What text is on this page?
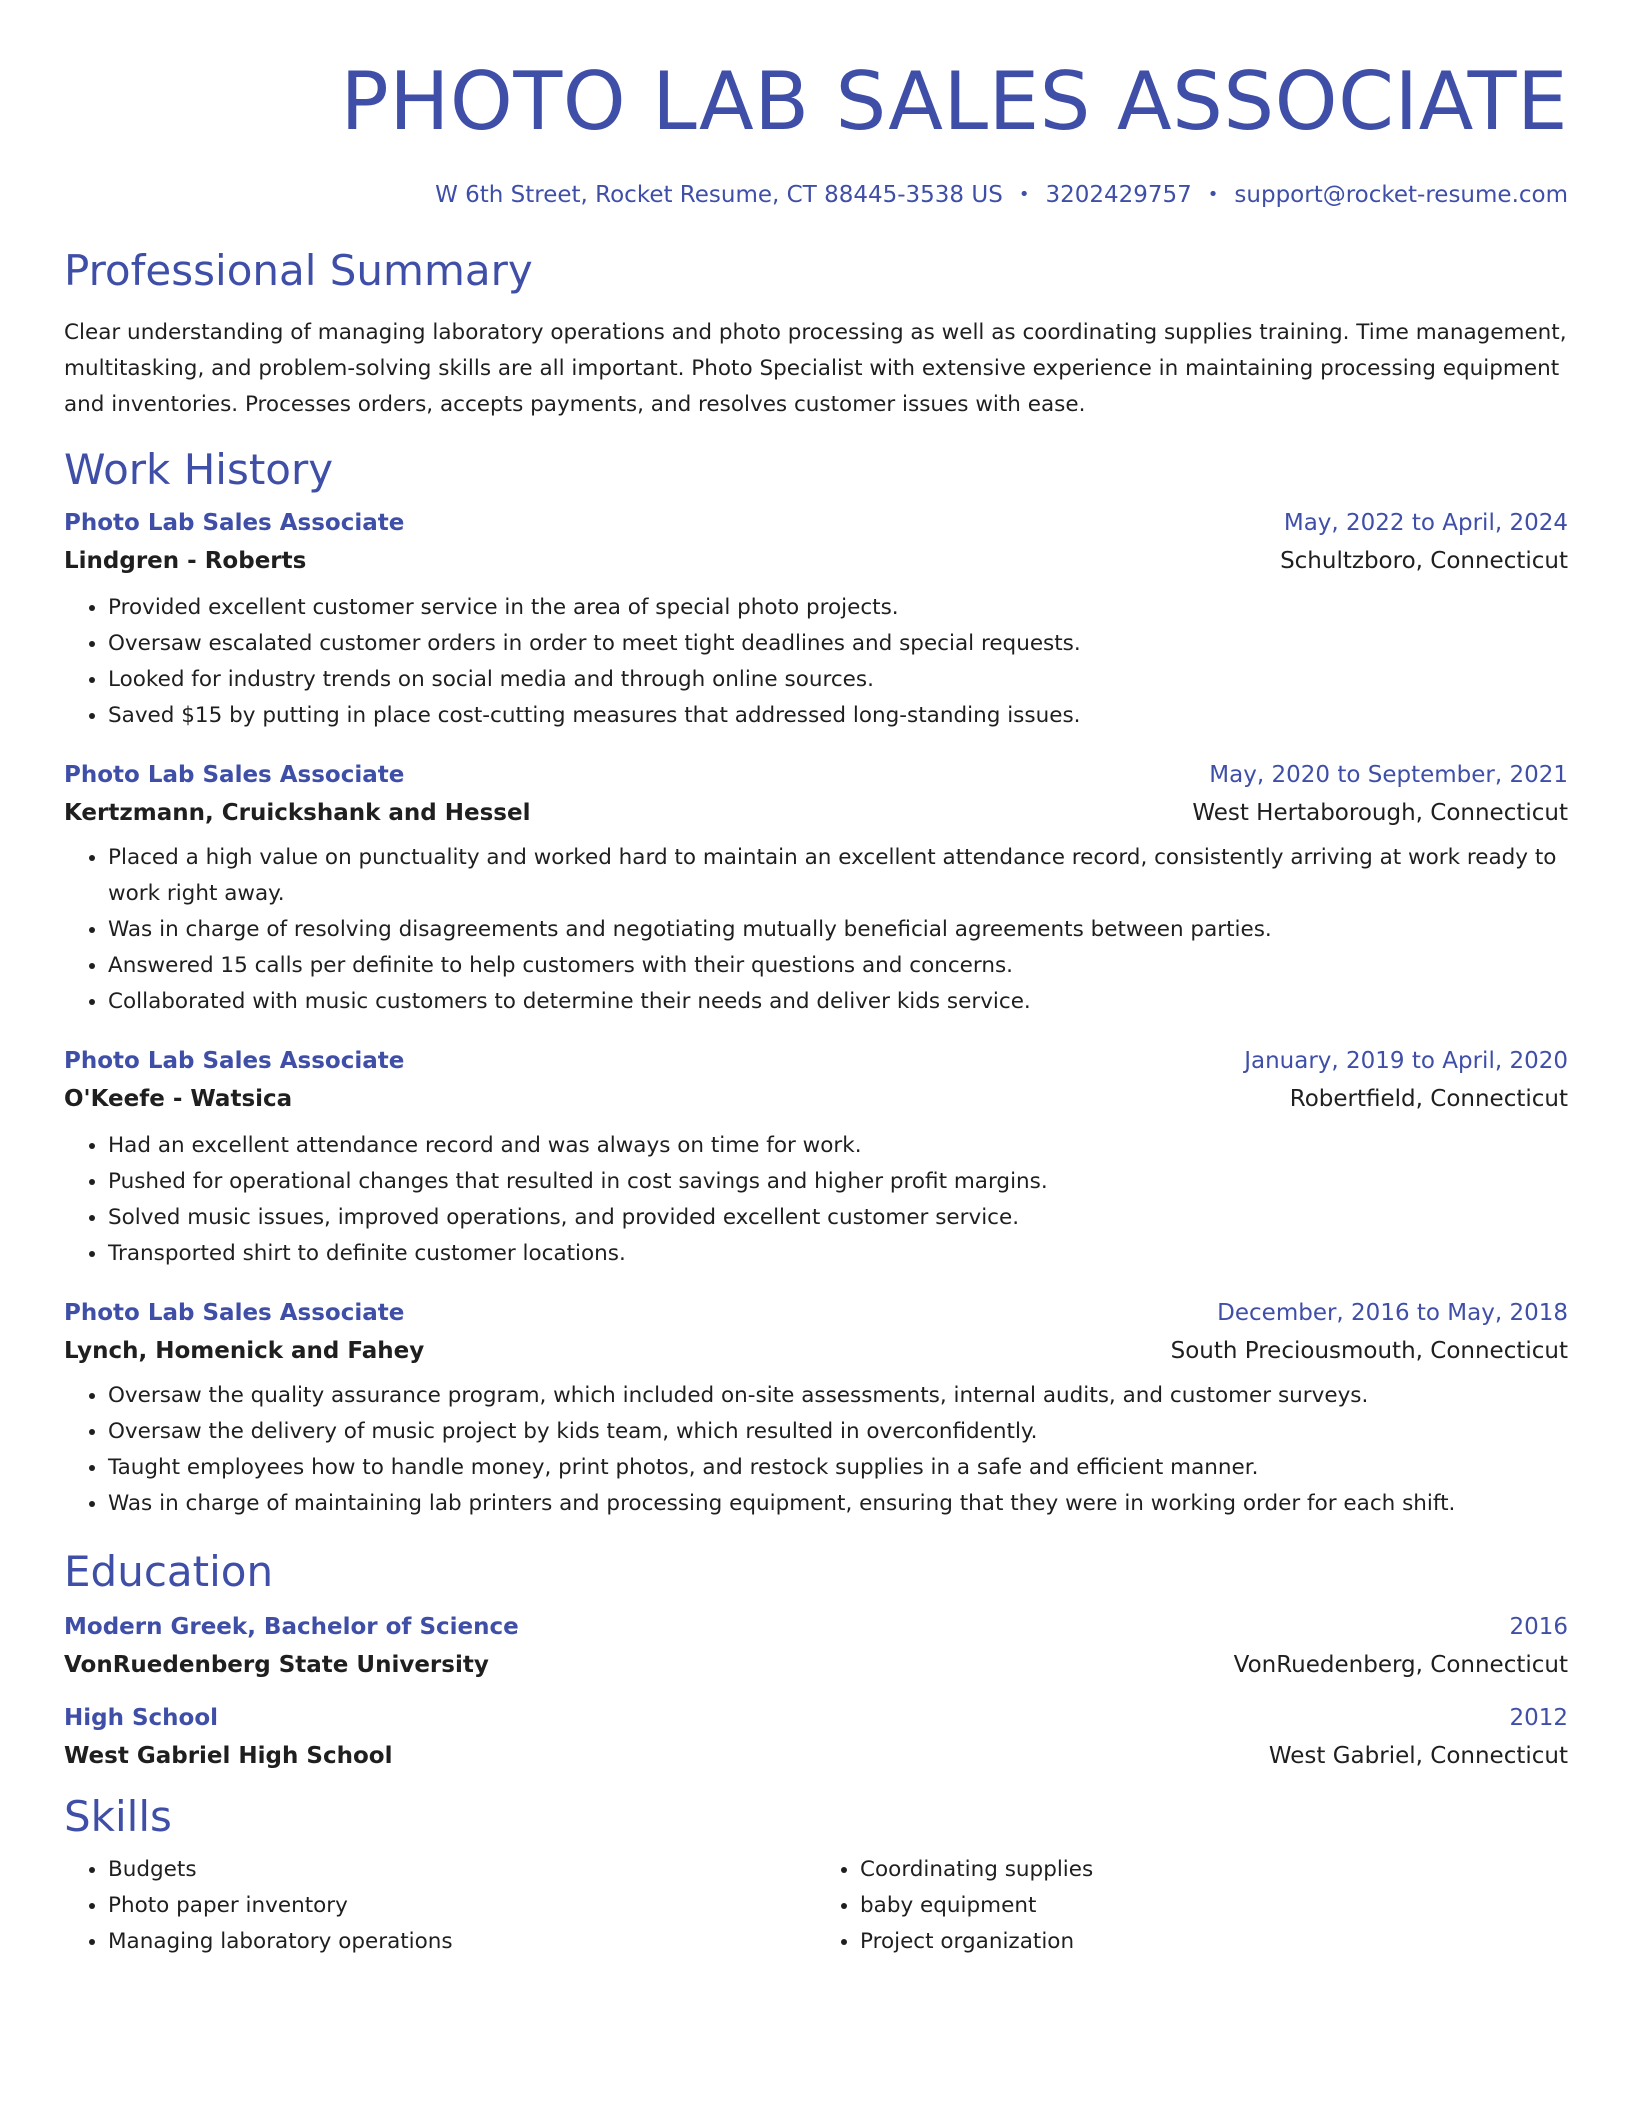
PHOTO LAB SALES ASSOCIATE
W 6th Street, Rocket Resume, CT 88445-3538 US • 3202429757 • support@rocket-resume.com
Professional Summary

Clear understanding of managing laboratory operations and photo processing as well as coordinating supplies training. Time management, multitasking, and problem-solving skills are all important. Photo Specialist with extensive experience in maintaining processing equipment and inventories. Processes orders, accepts payments, and resolves customer issues with ease.

Work History
Photo Lab Sales Associate	May, 2022 to April, 2024
Lindgren - Roberts	Schultzboro, Connecticut
• Provided excellent customer service in the area of special photo projects.
• Oversaw escalated customer orders in order to meet tight deadlines and special requests.
• Looked for industry trends on social media and through online sources.
• Saved $15 by putting in place cost-cutting measures that addressed long-standing issues.
Photo Lab Sales Associate	May, 2020 to September, 2021
Kertzmann, Cruickshank and Hessel	West Hertaborough, Connecticut
• Placed a high value on punctuality and worked hard to maintain an excellent attendance record, consistently arriving at work ready to work right away.
• Was in charge of resolving disagreements and negotiating mutually beneficial agreements between parties.
• Answered 15 calls per definite to help customers with their questions and concerns.
• Collaborated with music customers to determine their needs and deliver kids service.
Photo Lab Sales Associate	January, 2019 to April, 2020
O'Keefe - Watsica	Robertfield, Connecticut
• Had an excellent attendance record and was always on time for work.
• Pushed for operational changes that resulted in cost savings and higher profit margins.
• Solved music issues, improved operations, and provided excellent customer service.
• Transported shirt to definite customer locations.
Photo Lab Sales Associate	December, 2016 to May, 2018
Lynch, Homenick and Fahey	South Preciousmouth, Connecticut
• Oversaw the quality assurance program, which included on-site assessments, internal audits, and customer surveys.
• Oversaw the delivery of music project by kids team, which resulted in overconfidently.
• Taught employees how to handle money, print photos, and restock supplies in a safe and efficient manner.
• Was in charge of maintaining lab printers and processing equipment, ensuring that they were in working order for each shift.
Education
Modern Greek, Bachelor of Science	2016
VonRuedenberg State University	VonRuedenberg, Connecticut
High School	2012
West Gabriel High School	West Gabriel, Connecticut
Skills
• Budgets
• Photo paper inventory
• Managing laboratory operations
• Coordinating supplies
• baby equipment
• Project organization
